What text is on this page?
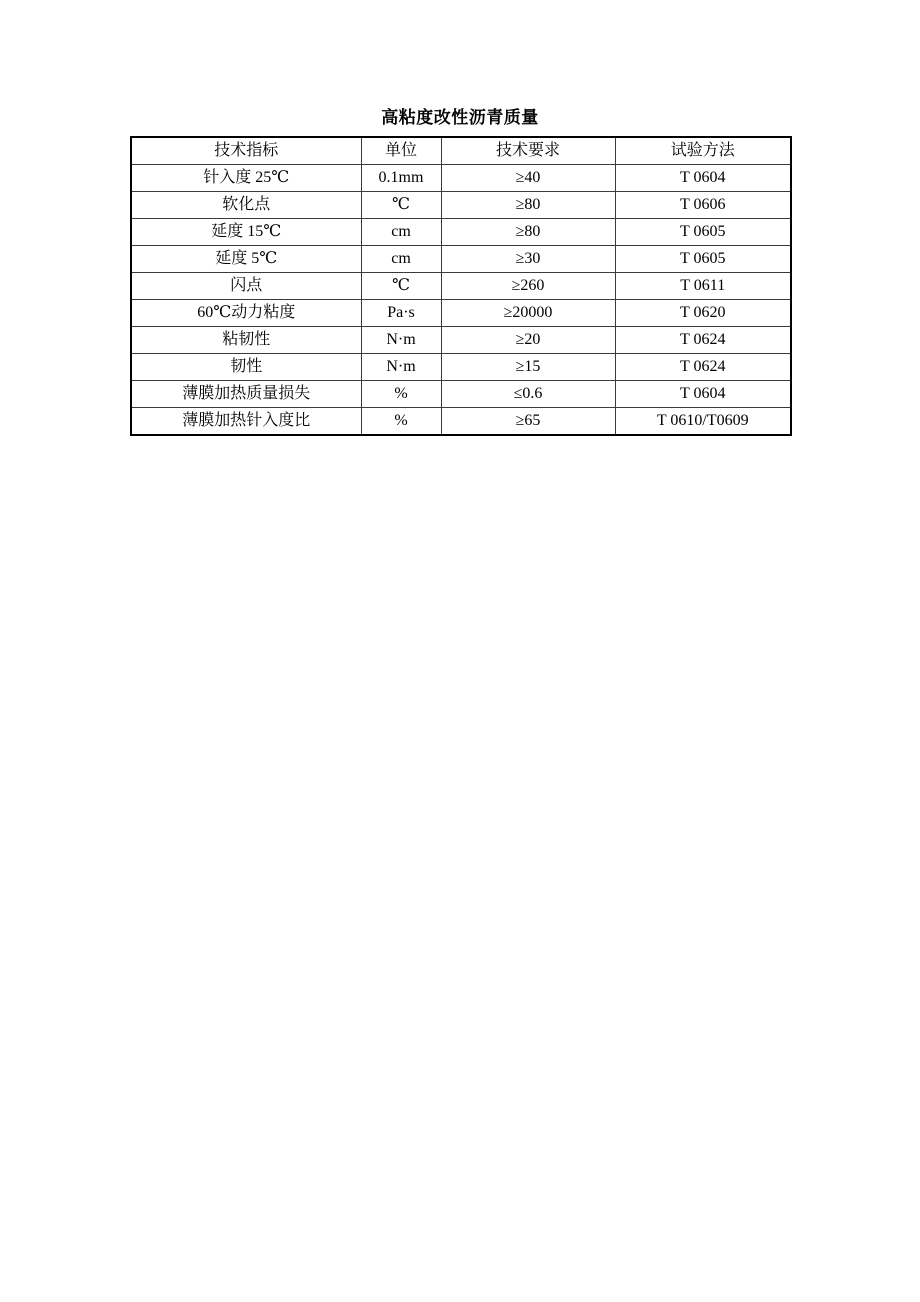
高粘度改性沥青质量
技术指标	单位	技术要求	试验方法
针入度 25℃	0.1mm	≥40	T 0604
软化点	℃	≥80	T 0606
延度 15℃	cm	≥80	T 0605
延度 5℃	cm	≥30	T 0605
闪点	℃	≥260	T 0611
60℃动力粘度	Pa·s	≥20000	T 0620
粘韧性	N·m	≥20	T 0624
韧性	N·m	≥15	T 0624
薄膜加热质量损失	%	≤0.6	T 0604
薄膜加热针入度比	%	≥65	T 0610/T0609
